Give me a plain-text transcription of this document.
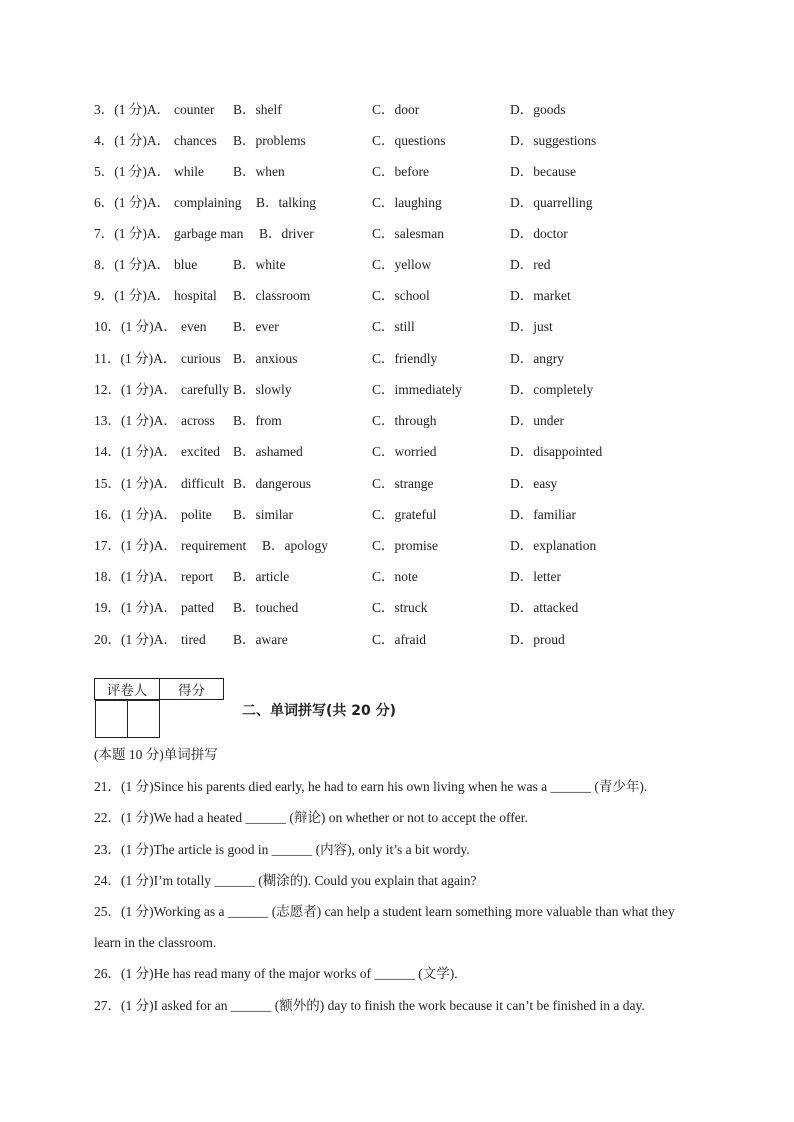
3．(1 分)A． counter B．shelf	C．door	D．goods
4．(1 分)A． chances B．problems	C．questions	D．suggestions
5．(1 分)A． while B．when	C．before	D．because
6．(1 分)A． complaining B．talking	C．laughing	D．quarrelling
7．(1 分)A． garbage man B．driver	C．salesman	D．doctor
8．(1 分)A． blue	B．white	C．yellow	D．red
9．(1 分)A． hospital B．classroom	C．school	D．market
10．(1 分)A． even B．ever	C．still	D．just
11．(1 分)A． curious B．anxious	C．friendly	D．angry
12．(1 分)A． carefully B．slowly	C．immediately	D．completely
13．(1 分)A． across B．from	C．through	D．under
14．(1 分)A． excited B．ashamed	C．worried	D．disappointed
15．(1 分)A． difficult B．dangerous	C．strange	D．easy
16．(1 分)A． polite B．similar	C．grateful	D．familiar
17．(1 分)A． requirement B．apology	C．promise	D．explanation
18．(1 分)A． report B．article	C．note	D．letter
19．(1 分)A． patted B．touched	C．struck	D．attacked
20．(1 分)A． tired B．aware	C．afraid	D．proud
评卷人	得分

二、单词拼写(共 20 分)
(本题 10 分)单词拼写
21．(1 分)Since his parents died early, he had to earn his own living when he was a ______ (青少年).
22．(1 分)We had a heated ______ (辩论) on whether or not to accept the offer.
23．(1 分)The article is good in ______ (内容), only it’s a bit wordy.
24．(1 分)I’m totally ______ (糊涂的). Could you explain that again?
25．(1 分)Working as a ______ (志愿者) can help a student learn something more valuable than what they
learn in the classroom.
26．(1 分)He has read many of the major works of ______ (文学).
27．(1 分)I asked for an ______ (额外的) day to finish the work because it can’t be finished in a day.
